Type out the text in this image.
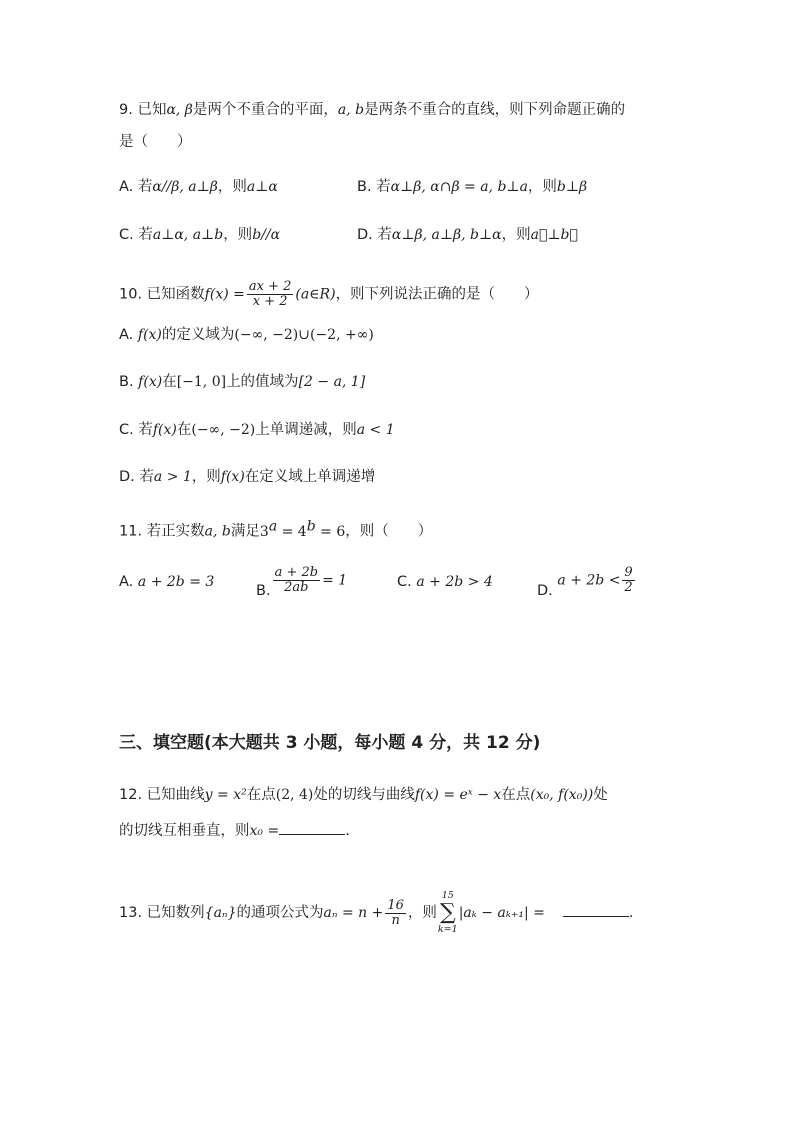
9. 已知α, β是两个不重合的平面，a, b是两条不重合的直线，则下列命题正确的
是（　　）
A. 若α//β, a⊥β，则a⊥α	B. 若α⊥β, α∩β = a, b⊥a，则b⊥β
C. 若a⊥α, a⊥b，则b//α	D. 若α⊥β, a⊥β, b⊥α，则a⃗⊥b⃗
10. 已知函数$f(x) = \frac{ax + 2}{x + 2}$ (a∈R)，则下列说法正确的是（　　）
A. f(x)的定义域为(−∞, −2)∪(−2, +∞)
B. f(x)在[−1, 0]上的值域为[2 − a, 1]
C. 若f(x)在(−∞, −2)上单调递减，则a < 1
D. 若a > 1，则f(x)在定义域上单调递增
11. 若正实数a, b满足$3^a = 4^b = 6$，则（　　）
A. a + 2b = 3
B. $\frac{a + 2b}{2ab} = 1$	C. a + 2b > 4
D. $a + 2b < \frac{9}{2}$
三、填空题(本大题共 3 小题，每小题 4 分，共 12 分)
12. 已知曲线y = x²在点(2, 4)处的切线与曲线f(x) = eˣ − x在点(x₀, f(x₀))处
的切线互相垂直，则x₀ =	.
13. 已知数列{aₙ}的通项公式为$a_n = n + \frac{16}{n}$ ，则
15
∑
k=1
|aₖ − aₖ₊₁| =	.
